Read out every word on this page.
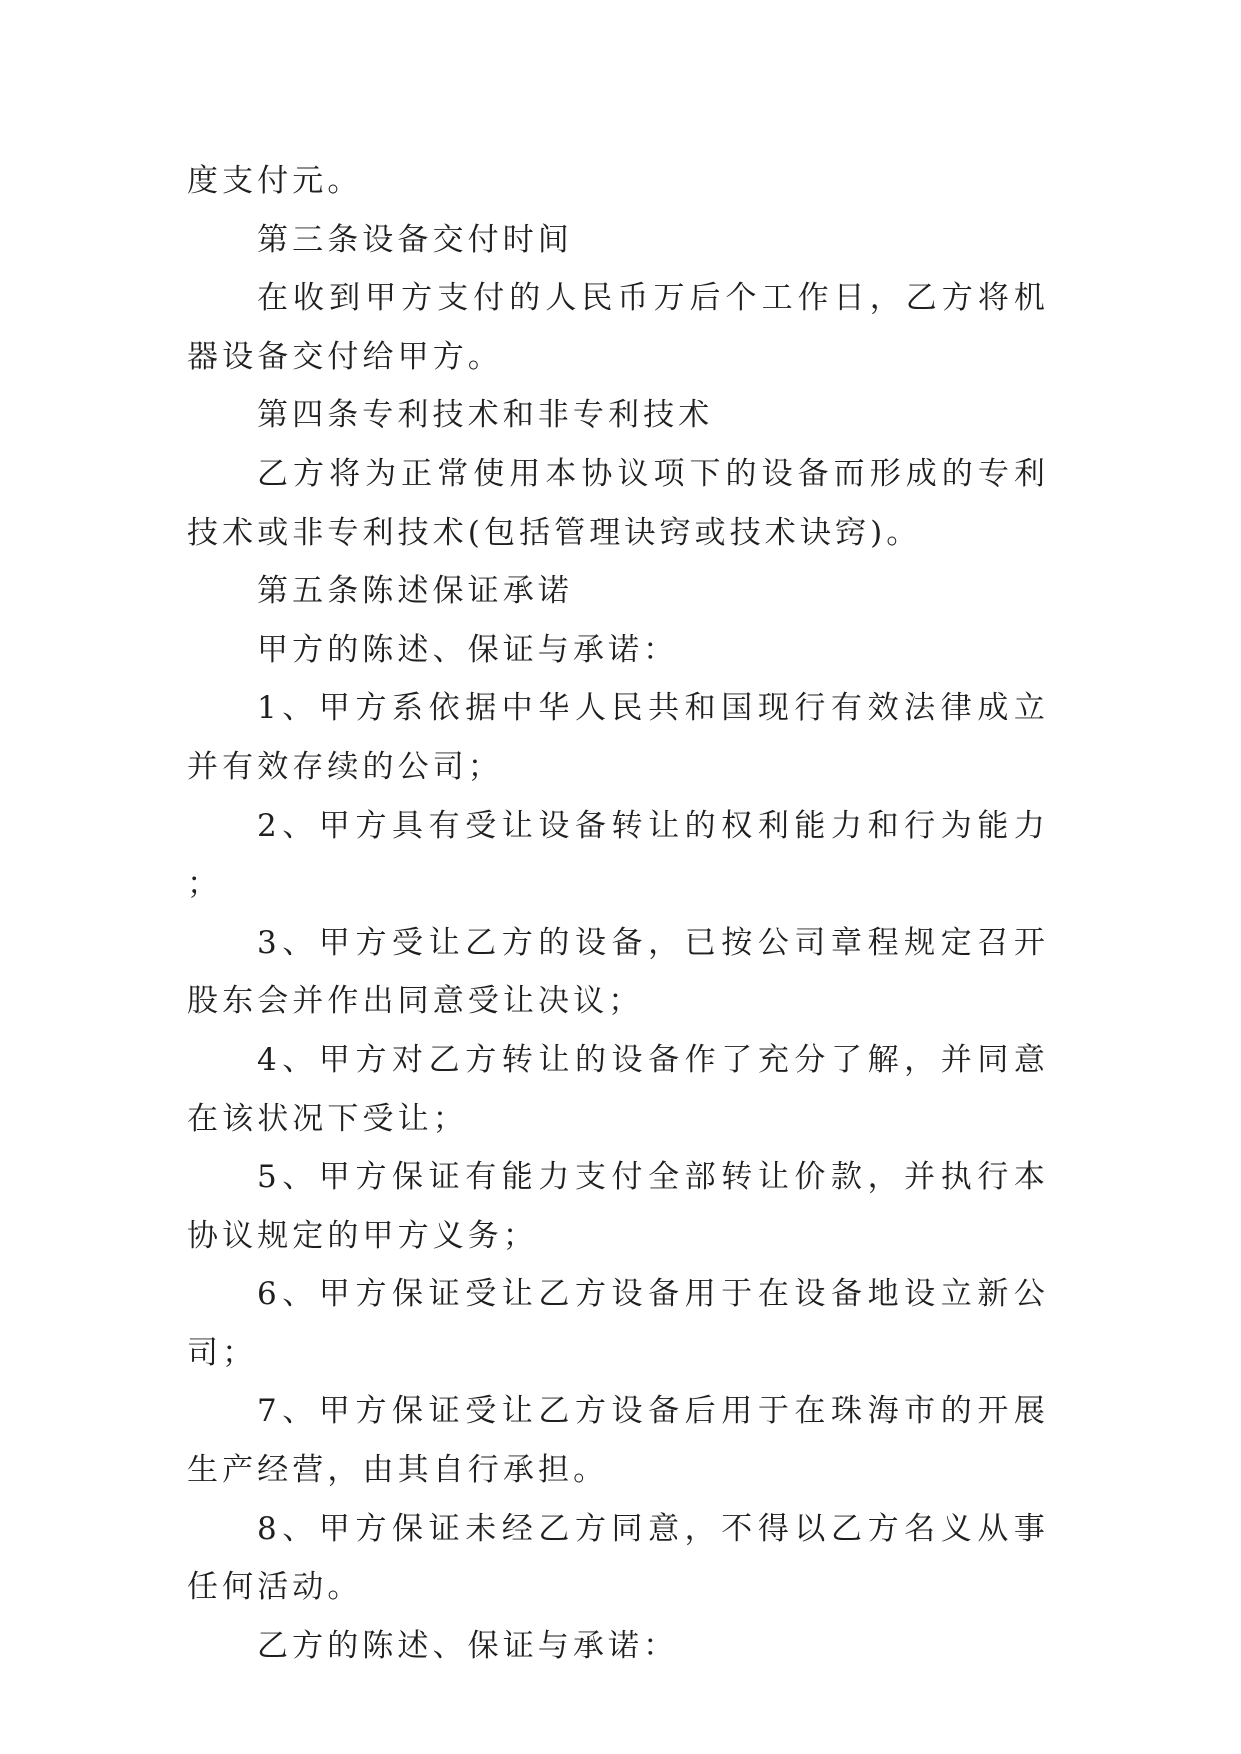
度支付元。

第三条设备交付时间

在收到甲方支付的人民币万后个工作日，乙方将机器设备交付给甲方。

第四条专利技术和非专利技术

乙方将为正常使用本协议项下的设备而形成的专利技术或非专利技术(包括管理诀窍或技术诀窍)。

第五条陈述保证承诺

甲方的陈述、保证与承诺：

1、甲方系依据中华人民共和国现行有效法律成立并有效存续的公司；

2、甲方具有受让设备转让的权利能力和行为能力；

3、甲方受让乙方的设备，已按公司章程规定召开股东会并作出同意受让决议；

4、甲方对乙方转让的设备作了充分了解，并同意在该状况下受让；

5、甲方保证有能力支付全部转让价款，并执行本协议规定的甲方义务；

6、甲方保证受让乙方设备用于在设备地设立新公司；

7、甲方保证受让乙方设备后用于在珠海市的开展生产经营，由其自行承担。

8、甲方保证未经乙方同意，不得以乙方名义从事任何活动。

乙方的陈述、保证与承诺：
